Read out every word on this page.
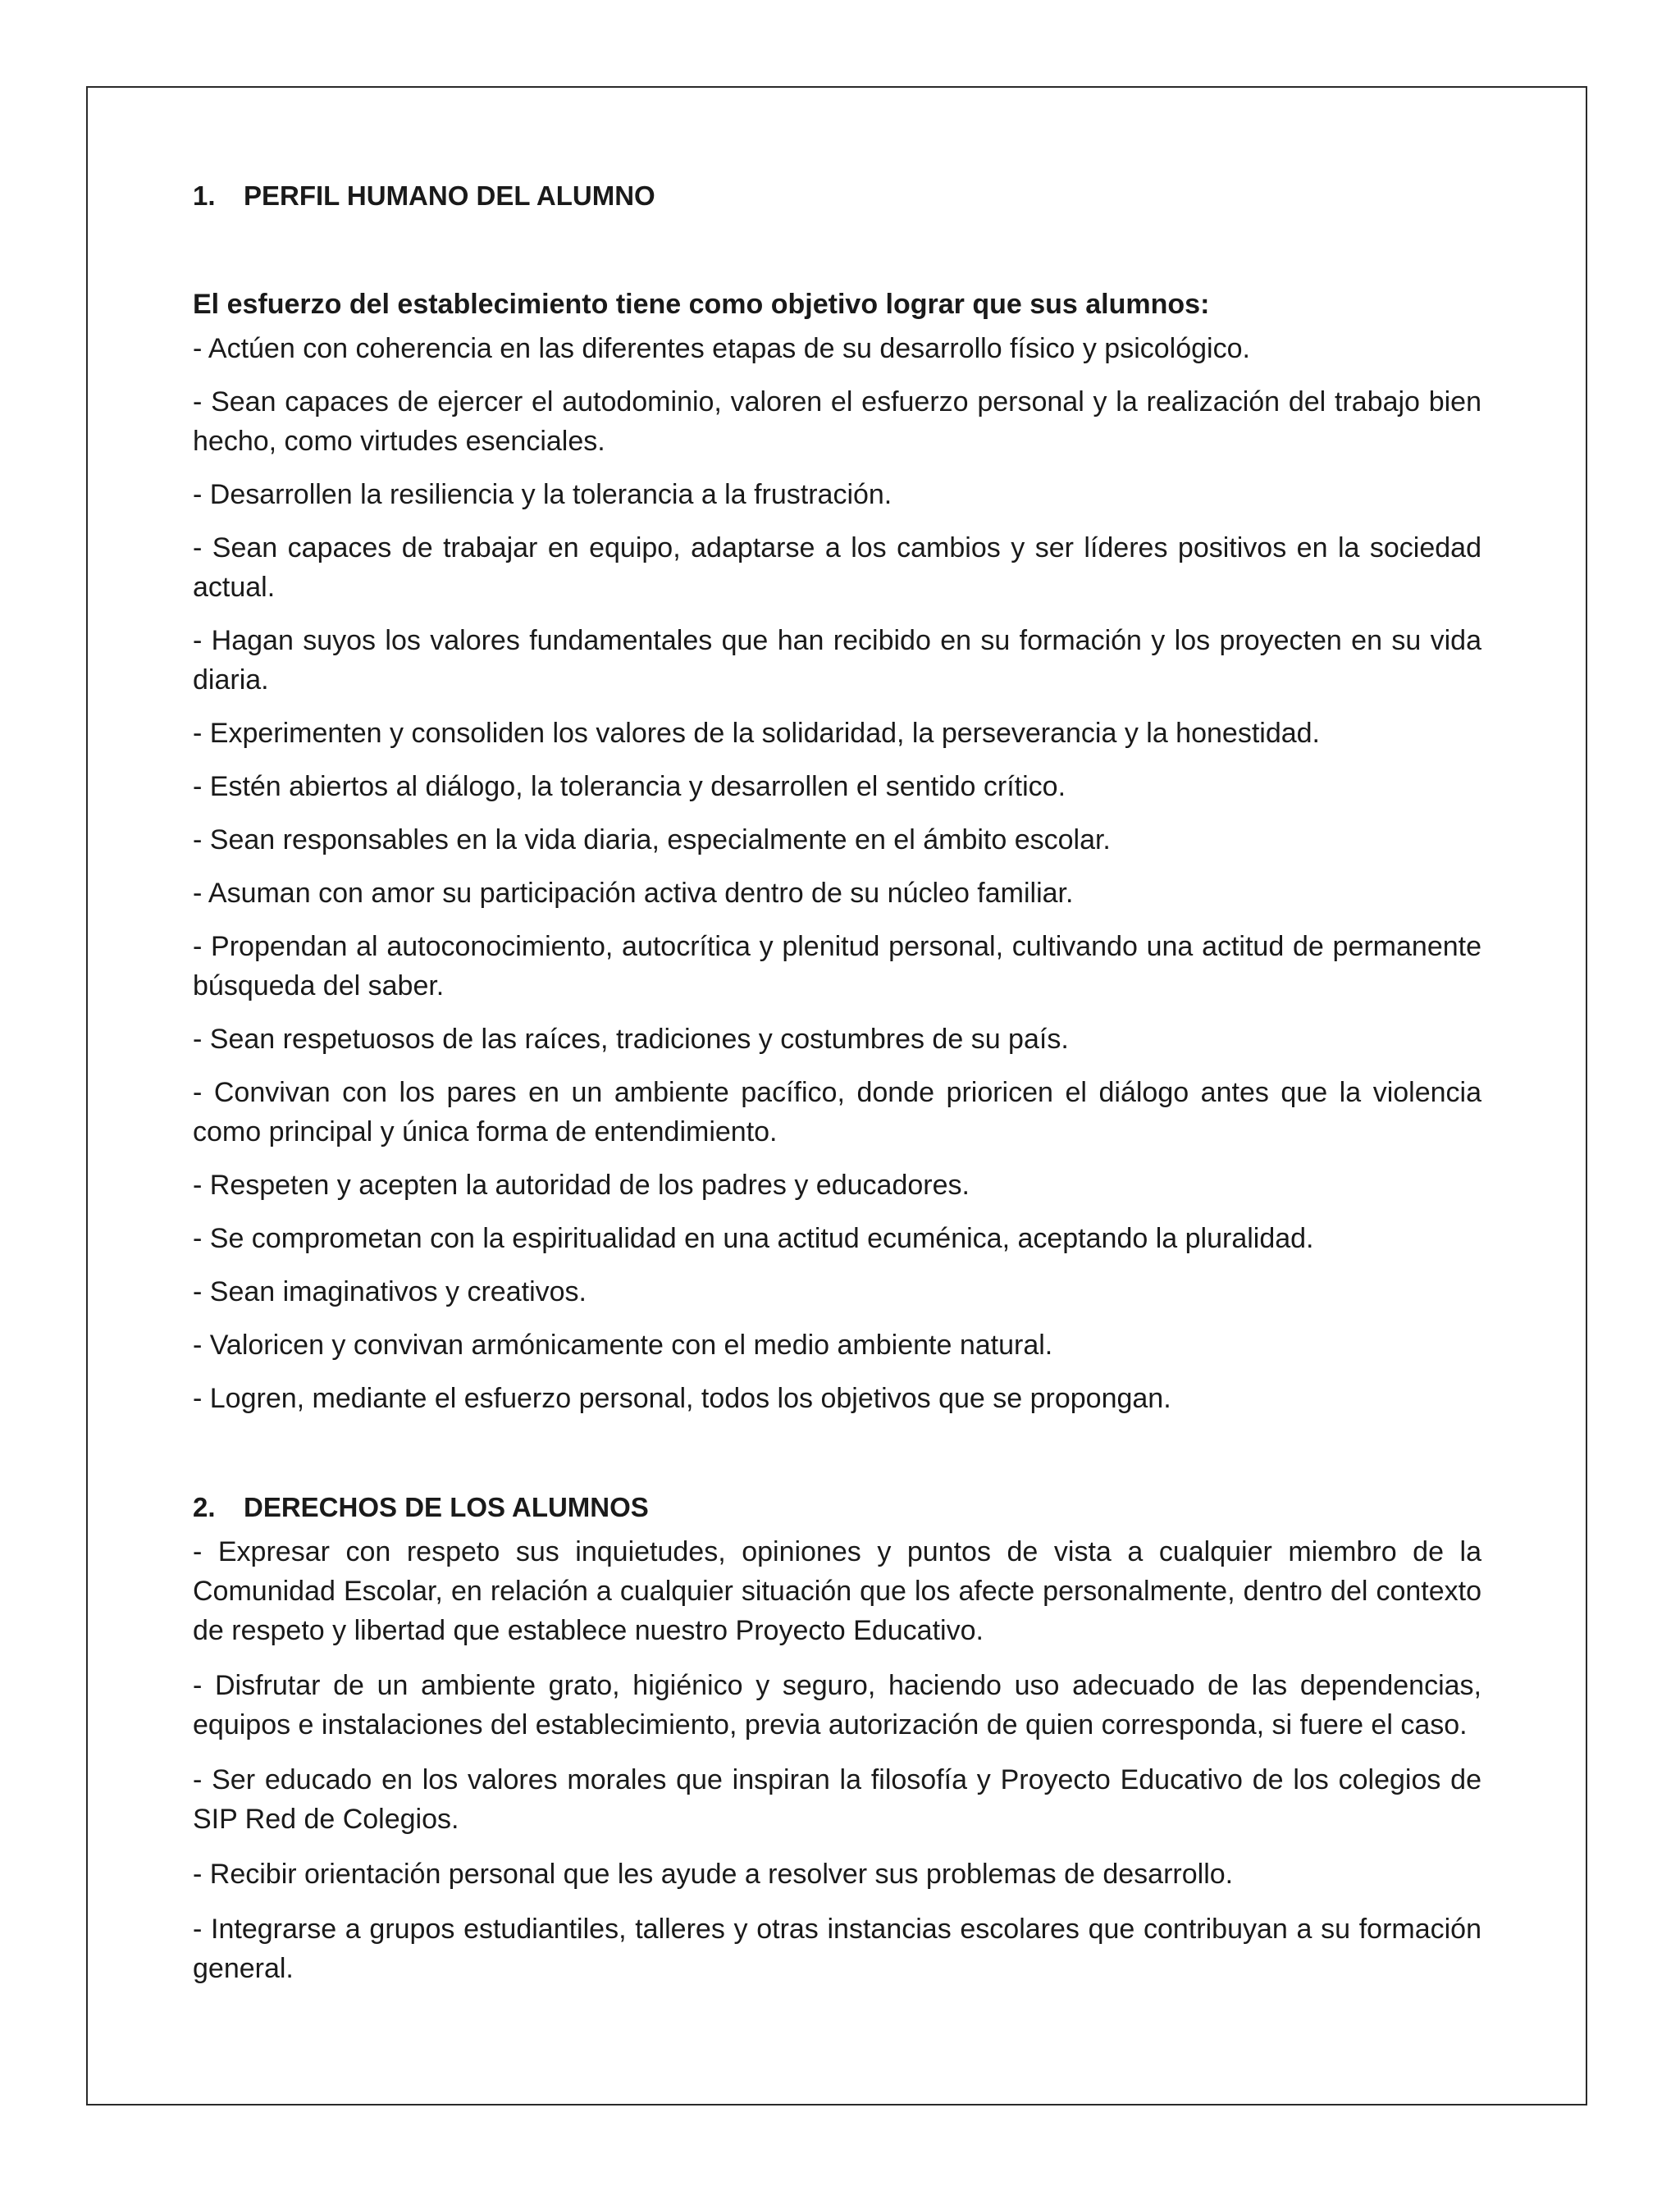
1.	PERFIL HUMANO DEL ALUMNO

El esfuerzo del establecimiento tiene como objetivo lograr que sus alumnos:

- Actúen con coherencia en las diferentes etapas de su desarrollo físico y psicológico.

- Sean capaces de ejercer el autodominio, valoren el esfuerzo personal y la realización del trabajo bien hecho, como virtudes esenciales.

- Desarrollen la resiliencia y la tolerancia a la frustración.

- Sean capaces de trabajar en equipo, adaptarse a los cambios y ser líderes positivos en la sociedad actual.

- Hagan suyos los valores fundamentales que han recibido en su formación y los proyecten en su vida diaria.

- Experimenten y consoliden los valores de la solidaridad, la perseverancia y la honestidad.

- Estén abiertos al diálogo, la tolerancia y desarrollen el sentido crítico.

- Sean responsables en la vida diaria, especialmente en el ámbito escolar.

- Asuman con amor su participación activa dentro de su núcleo familiar.

- Propendan al autoconocimiento, autocrítica y plenitud personal, cultivando una actitud de permanente búsqueda del saber.

- Sean respetuosos de las raíces, tradiciones y costumbres de su país.

- Convivan con los pares en un ambiente pacífico, donde prioricen el diálogo antes que la violencia como principal y única forma de entendimiento.

- Respeten y acepten la autoridad de los padres y educadores.

- Se comprometan con la espiritualidad en una actitud ecuménica, aceptando la pluralidad.

- Sean imaginativos y creativos.

- Valoricen y convivan armónicamente con el medio ambiente natural.

- Logren, mediante el esfuerzo personal, todos los objetivos que se propongan.

2.	DERECHOS DE LOS ALUMNOS

- Expresar con respeto sus inquietudes, opiniones y puntos de vista a cualquier miembro de la Comunidad Escolar, en relación a cualquier situación que los afecte personalmente, dentro del contexto de respeto y libertad que establece nuestro Proyecto Educativo.

- Disfrutar de un ambiente grato, higiénico y seguro, haciendo uso adecuado de las dependencias, equipos e instalaciones del establecimiento, previa autorización de quien corresponda, si fuere el caso.

- Ser educado en los valores morales que inspiran la filosofía y Proyecto Educativo de los colegios de SIP Red de Colegios.

- Recibir orientación personal que les ayude a resolver sus problemas de desarrollo.

- Integrarse a grupos estudiantiles, talleres y otras instancias escolares que contribuyan a su formación general.
